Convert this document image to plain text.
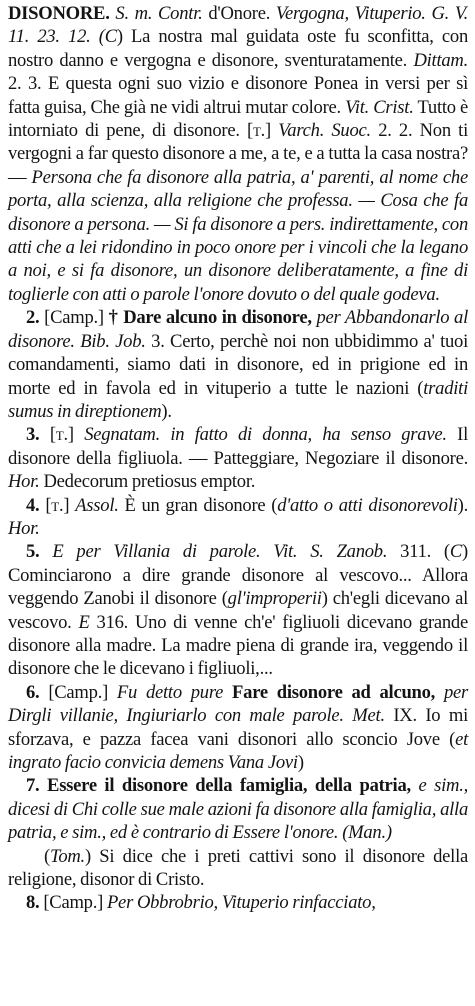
DISONORE. S. m. Contr. d'Onore. Vergogna, Vituperio. G. V. 11. 23. 12. (C) La nostra mal guidata oste fu sconfitta, con nostro danno e vergogna e disonore, sventuratamente. Dittam. 2. 3. E questa ogni suo vizio e disonore Ponea in versi per sì fatta guisa, Che già ne vidi altrui mutar colore. Vit. Crist. Tutto è intorniato di pene, di disonore. [t.] Varch. Suoc. 2. 2. Non ti vergogni a far questo disonore a me, a te, e a tutta la casa nostra? — Persona che fa disonore alla patria, a' parenti, al nome che porta, alla scienza, alla religione che professa. — Cosa che fa disonore a persona. — Si fa disonore a pers. indirettamente, con atti che a lei ridondino in poco onore per i vincoli che la legano a noi, e si fa disonore, un disonore deliberatamente, a fine di toglierle con atti o parole l'onore dovuto o del quale godeva.

2. [Camp.] † Dare alcuno in disonore, per Abbandonarlo al disonore. Bib. Job. 3. Certo, perchè noi non ubbidimmo a' tuoi comandamenti, siamo dati in disonore, ed in prigione ed in morte ed in favola ed in vituperio a tutte le nazioni (traditi sumus in direptionem).

3. [t.] Segnatam. in fatto di donna, ha senso grave. Il disonore della figliuola. — Patteggiare, Negoziare il disonore. Hor. Dedecorum pretiosus emptor.

4. [t.] Assol. È un gran disonore (d'atto o atti disonorevoli). Hor.

5. E per Villania di parole. Vit. S. Zanob. 311. (C) Cominciarono a dire grande disonore al vescovo... Allora veggendo Zanobi il disonore (gl'improperii) ch'egli dicevano al vescovo. E 316. Uno di venne ch'e' figliuoli dicevano grande disonore alla madre. La madre piena di grande ira, veggendo il disonore che le dicevano i figliuoli,...

6. [Camp.] Fu detto pure Fare disonore ad alcuno, per Dirgli villanie, Ingiuriarlo con male parole. Met. IX. Io mi sforzava, e pazza facea vani disonori allo sconcio Jove (et ingrato facio convicia demens Vana Jovi)

7. Essere il disonore della famiglia, della patria, e sim., dicesi di Chi colle sue male azioni fa disonore alla famiglia, alla patria, e sim., ed è contrario di Essere l'onore. (Man.)

(Tom.) Si dice che i preti cattivi sono il disonore della religione, disonor di Cristo.

8. [Camp.] Per Obbrobrio, Vituperio rinfacciato,
